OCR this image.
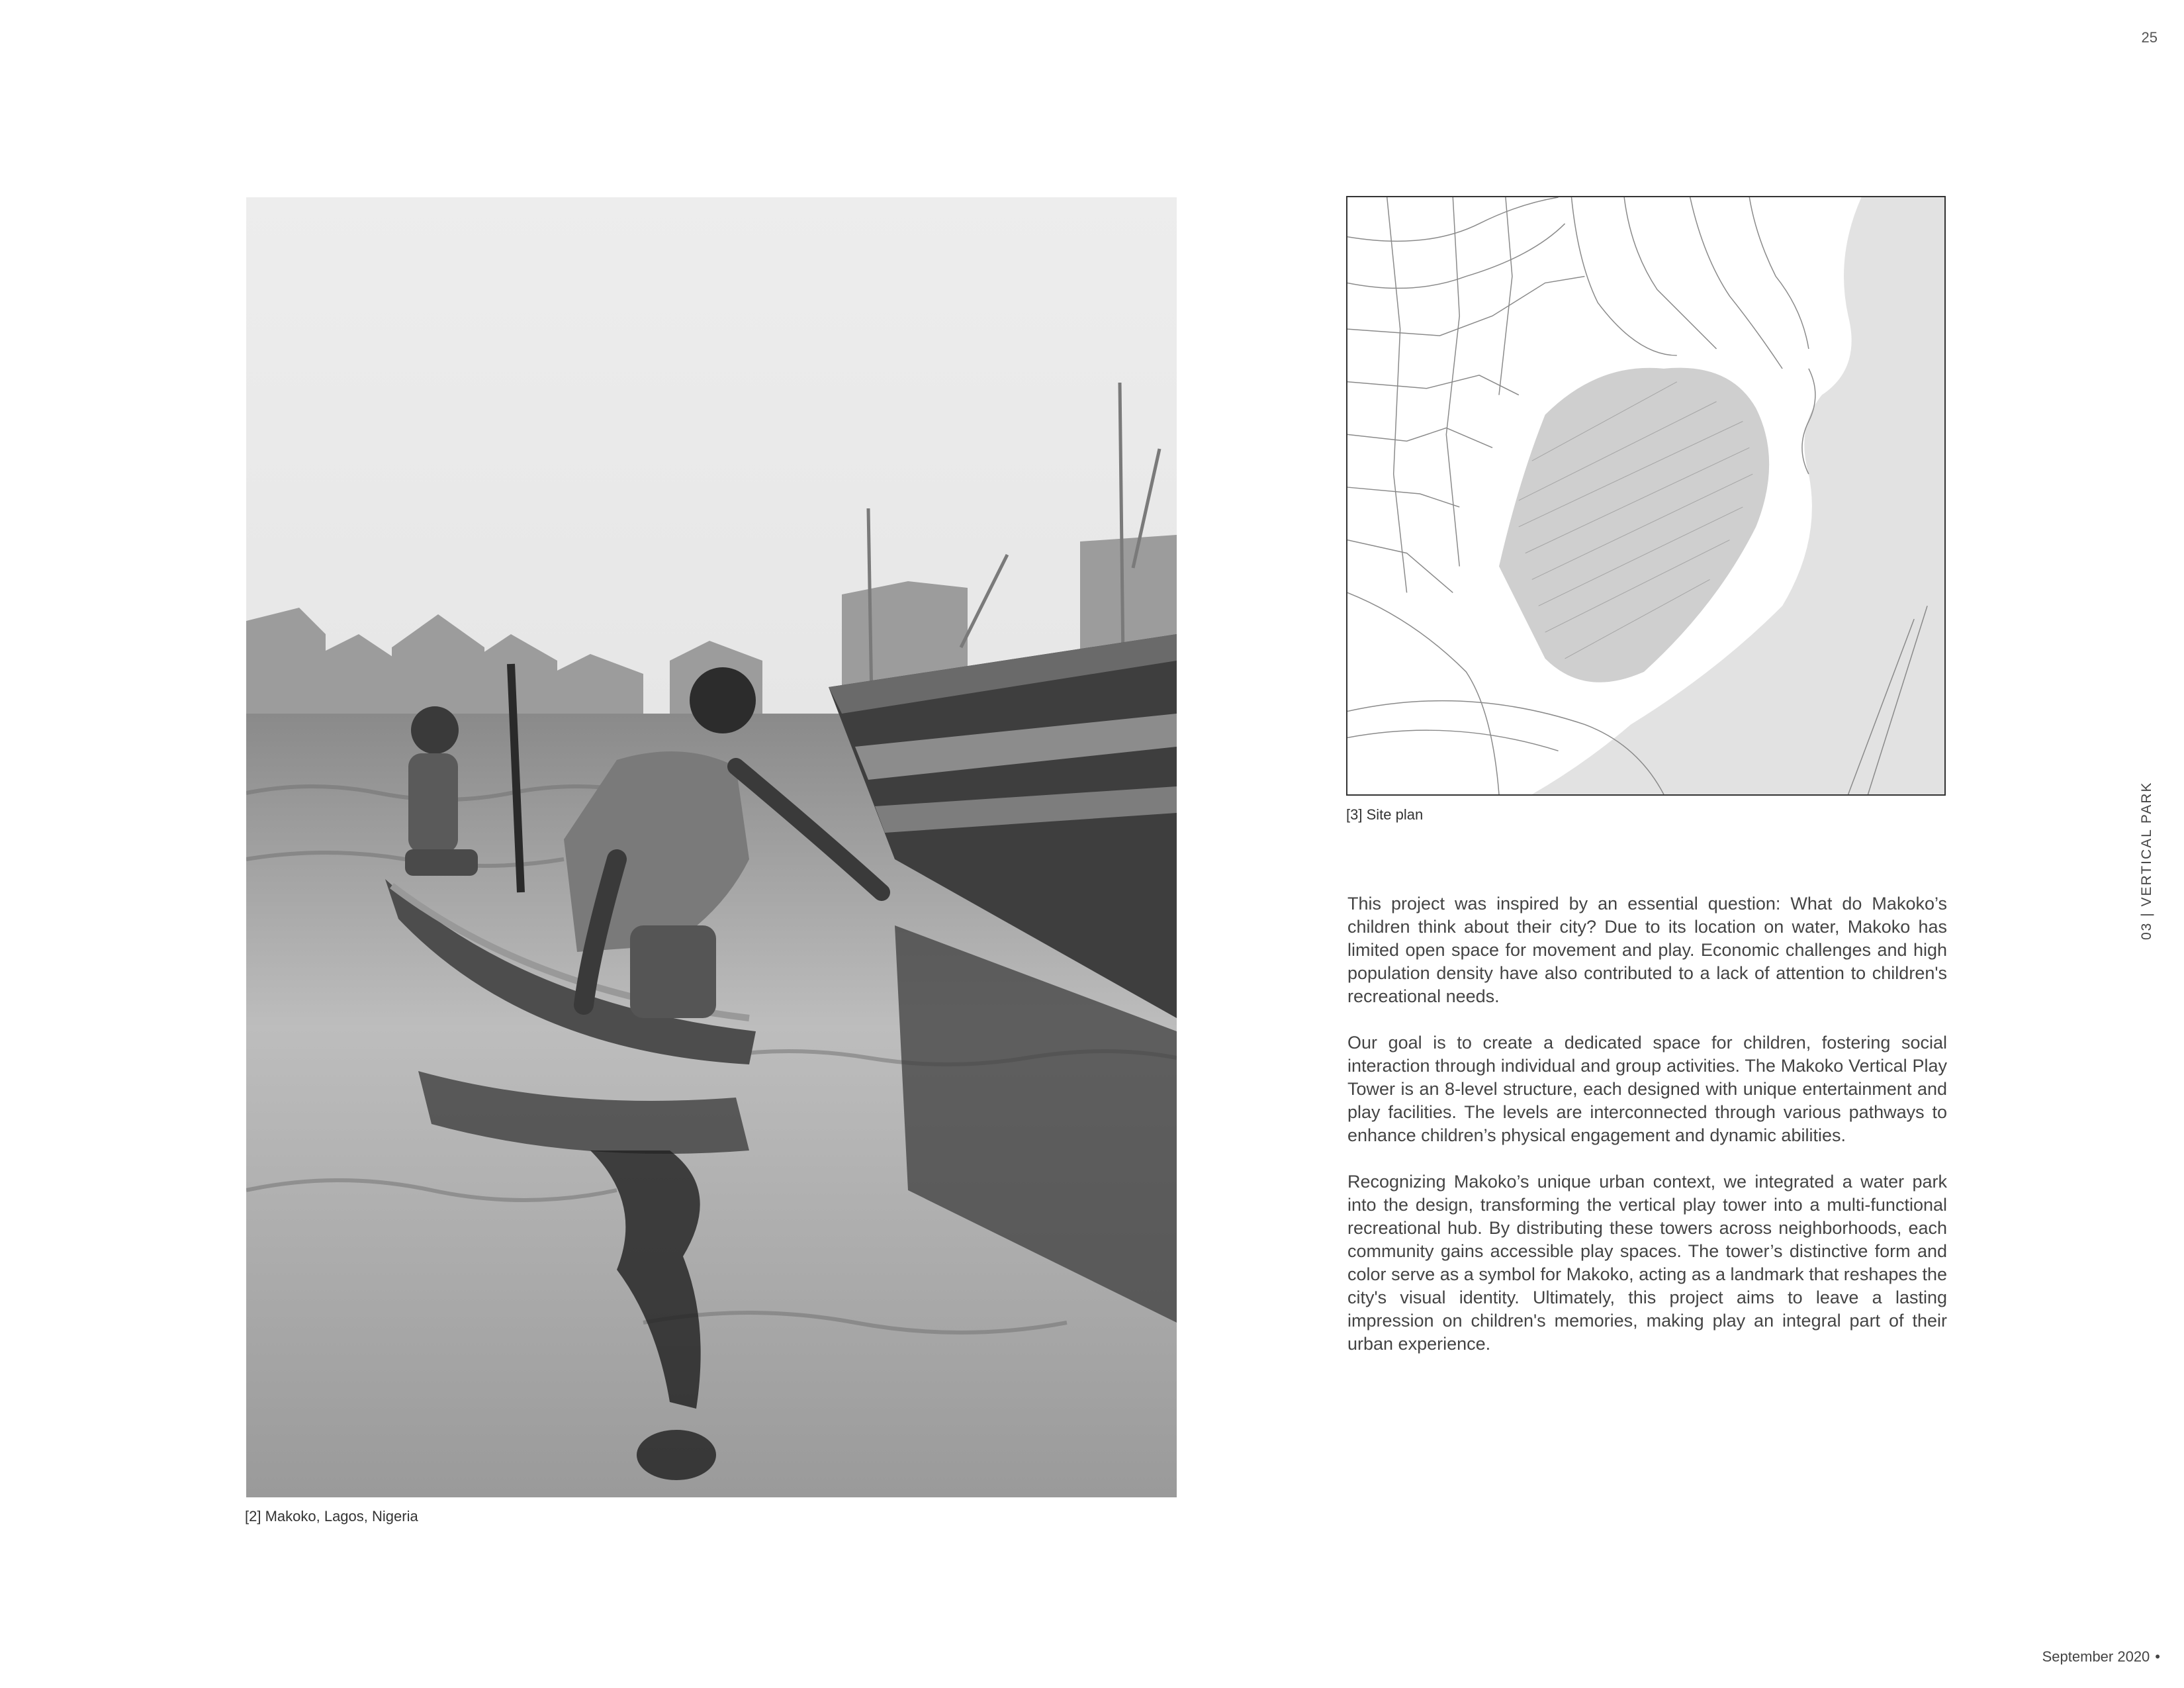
25
[2] Makoko, Lagos, Nigeria
[3] Site plan

This project was inspired by an essential question: What do Makoko’s children think about their city? Due to its location on water, Makoko has limited open space for movement and play. Economic challenges and high population density have also contributed to a lack of attention to children's recreational needs.

Our goal is to create a dedicated space for children, fostering social interaction through individual and group activities. The Makoko Vertical Play Tower is an 8-level structure, each designed with unique entertainment and play facilities. The levels are interconnected through various pathways to enhance children’s physical engagement and dynamic abilities.

Recognizing Makoko’s unique urban context, we integrated a water park into the design, transforming the vertical play tower into a multi-functional recreational hub. By distributing these towers across neighborhoods, each community gains accessible play spaces. The tower’s distinctive form and color serve as a symbol for Makoko, acting as a landmark that reshapes the city's visual identity. Ultimately, this project aims to leave a lasting impression on children's memories, making play an integral part of their urban experience.

03 | VERTICAL PARK
September 2020 •
